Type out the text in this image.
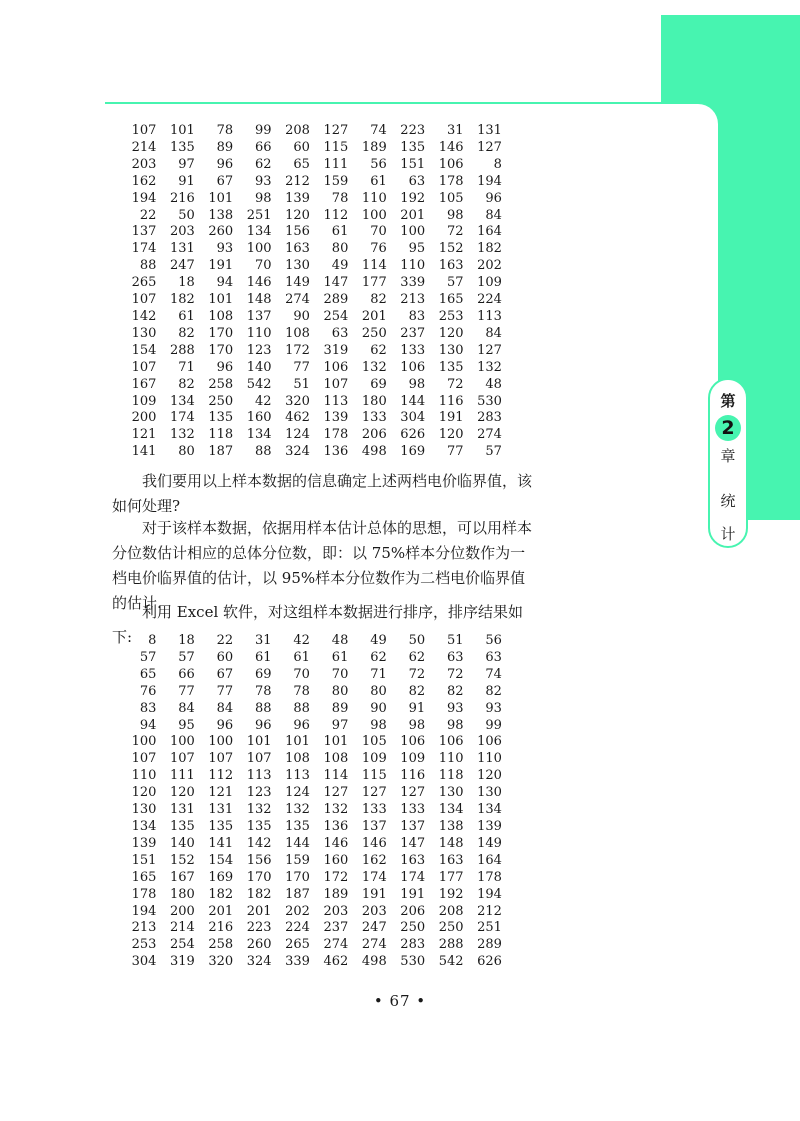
第
2
章
统
计
107	101	78	99	208	127	74	223	31	131
214	135	89	66	60	115	189	135	146	127
203	97	96	62	65	111	56	151	106	8
162	91	67	93	212	159	61	63	178	194
194	216	101	98	139	78	110	192	105	96
22	50	138	251	120	112	100	201	98	84
137	203	260	134	156	61	70	100	72	164
174	131	93	100	163	80	76	95	152	182
88	247	191	70	130	49	114	110	163	202
265	18	94	146	149	147	177	339	57	109
107	182	101	148	274	289	82	213	165	224
142	61	108	137	90	254	201	83	253	113
130	82	170	110	108	63	250	237	120	84
154	288	170	123	172	319	62	133	130	127
107	71	96	140	77	106	132	106	135	132
167	82	258	542	51	107	69	98	72	48
109	134	250	42	320	113	180	144	116	530
200	174	135	160	462	139	133	304	191	283
121	132	118	134	124	178	206	626	120	274
141	80	187	88	324	136	498	169	77	57

我们要用以上样本数据的信息确定上述两档电价临界值，该如何处理?

对于该样本数据，依据用样本估计总体的思想，可以用样本分位数估计相应的总体分位数，即：以 75%样本分位数作为一档电价临界值的估计，以 95%样本分位数作为二档电价临界值的估计.

利用 Excel 软件，对这组样本数据进行排序，排序结果如下:	8	18	22	31	42	48	49	50	51	56
57	57	60	61	61	61	62	62	63	63
65	66	67	69	70	70	71	72	72	74
76	77	77	78	78	80	80	82	82	82
83	84	84	88	88	89	90	91	93	93
94	95	96	96	96	97	98	98	98	99
100	100	100	101	101	101	105	106	106	106
107	107	107	107	108	108	109	109	110	110
110	111	112	113	113	114	115	116	118	120
120	120	121	123	124	127	127	127	130	130
130	131	131	132	132	132	133	133	134	134
134	135	135	135	135	136	137	137	138	139
139	140	141	142	144	146	146	147	148	149
151	152	154	156	159	160	162	163	163	164
165	167	169	170	170	172	174	174	177	178
178	180	182	182	187	189	191	191	192	194
194	200	201	201	202	203	203	206	208	212
213	214	216	223	224	237	247	250	250	251
253	254	258	260	265	274	274	283	288	289
304	319	320	324	339	462	498	530	542	626
• 67 •
